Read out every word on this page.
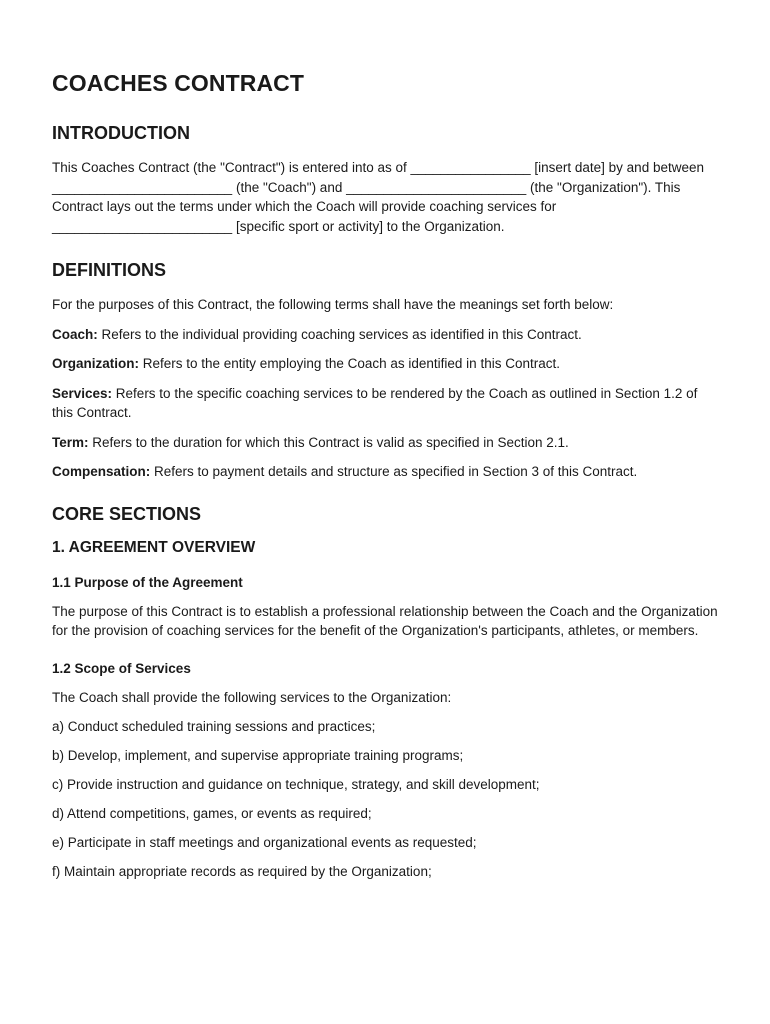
COACHES CONTRACT
INTRODUCTION

This Coaches Contract (the "Contract") is entered into as of ________________ [insert date] by and between ________________________ (the "Coach") and ________________________ (the "Organization"). This Contract lays out the terms under which the Coach will provide coaching services for ________________________ [specific sport or activity] to the Organization.

DEFINITIONS

For the purposes of this Contract, the following terms shall have the meanings set forth below:

Coach: Refers to the individual providing coaching services as identified in this Contract.

Organization: Refers to the entity employing the Coach as identified in this Contract.

Services: Refers to the specific coaching services to be rendered by the Coach as outlined in Section 1.2 of this Contract.

Term: Refers to the duration for which this Contract is valid as specified in Section 2.1.

Compensation: Refers to payment details and structure as specified in Section 3 of this Contract.

CORE SECTIONS
1. AGREEMENT OVERVIEW
1.1 Purpose of the Agreement

The purpose of this Contract is to establish a professional relationship between the Coach and the Organization for the provision of coaching services for the benefit of the Organization's participants, athletes, or members.

1.2 Scope of Services

The Coach shall provide the following services to the Organization:

a) Conduct scheduled training sessions and practices;
b) Develop, implement, and supervise appropriate training programs;
c) Provide instruction and guidance on technique, strategy, and skill development;
d) Attend competitions, games, or events as required;
e) Participate in staff meetings and organizational events as requested;
f) Maintain appropriate records as required by the Organization;
